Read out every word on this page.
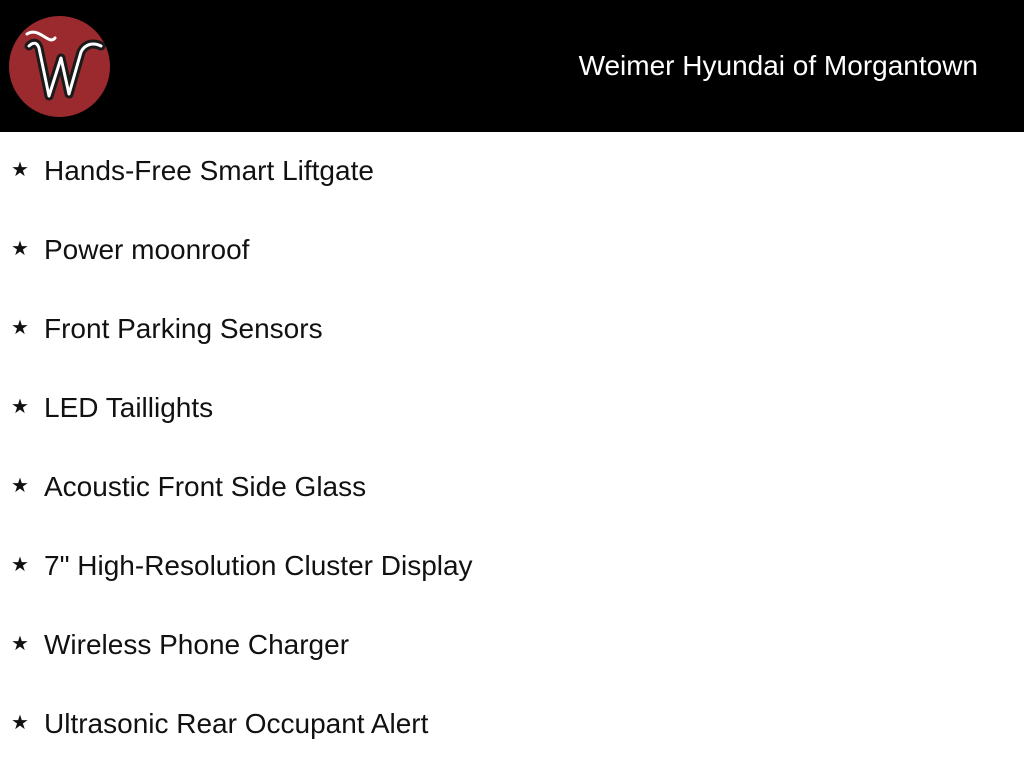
Weimer Hyundai of Morgantown
★ Hands-Free Smart Liftgate
★ Power moonroof
★ Front Parking Sensors
★ LED Taillights
★ Acoustic Front Side Glass
★ 7" High-Resolution Cluster Display
★ Wireless Phone Charger
★ Ultrasonic Rear Occupant Alert
